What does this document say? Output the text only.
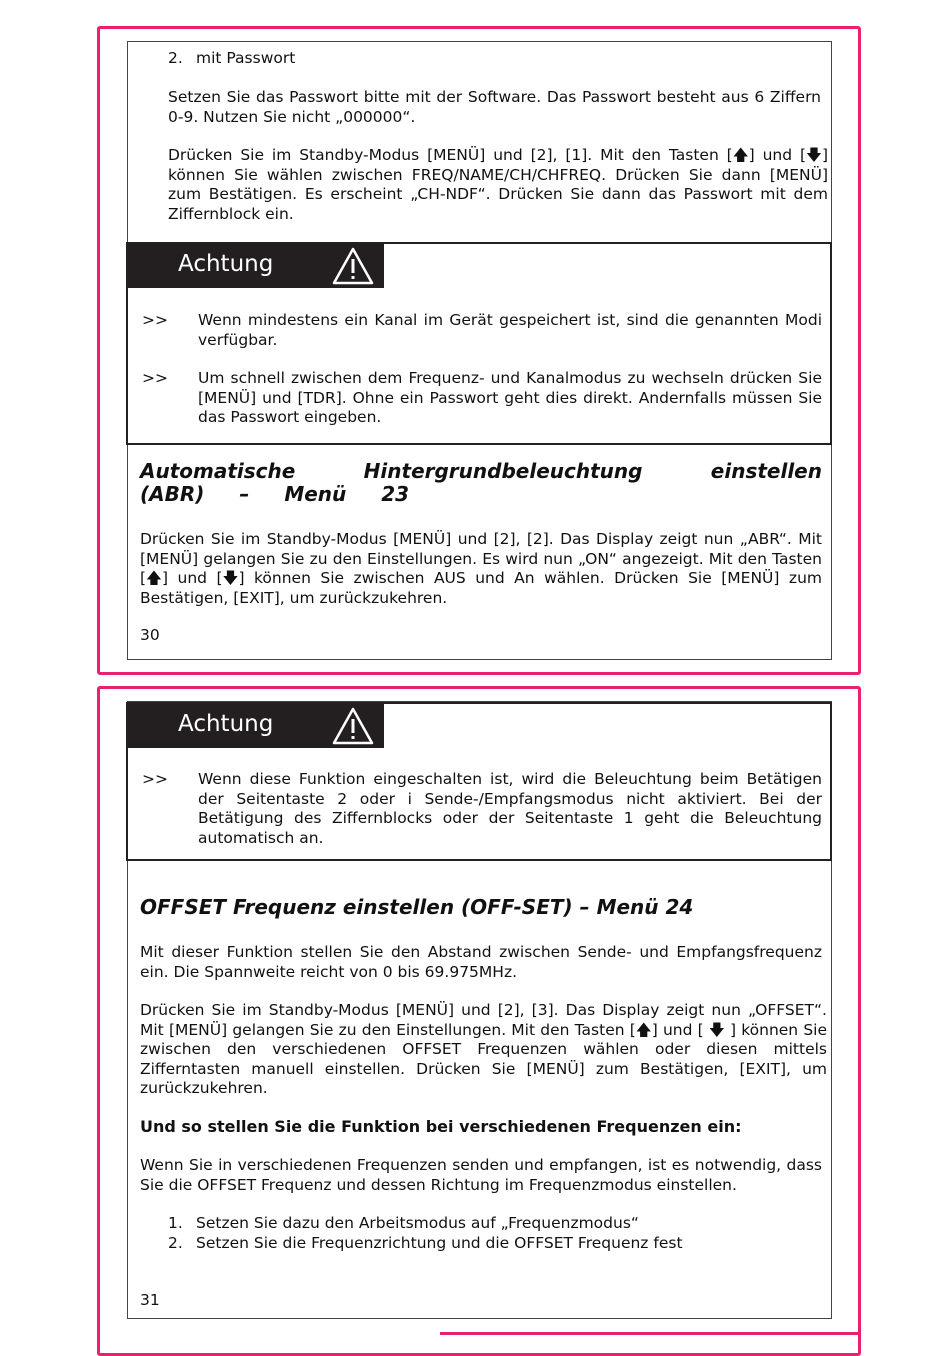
2. mit Passwort

Setzen Sie das Passwort bitte mit der Software. Das Passwort besteht aus 6 Ziffern 0-9. Nutzen Sie nicht „000000“.

Drücken Sie im Standby-Modus [MENÜ] und [2], [1]. Mit den Tasten [🡅] und [🡇] können Sie wählen zwischen FREQ/NAME/CH/CHFREQ. Drücken Sie dann [MENÜ] zum Bestätigen. Es erscheint „CH-NDF“. Drücken Sie dann das Passwort mit dem Ziffernblock ein.

Achtung
>>	Wenn mindestens ein Kanal im Gerät gespeichert ist, sind die genannten Modi verfügbar.
>>	Um schnell zwischen dem Frequenz- und Kanalmodus zu wechseln drücken Sie [MENÜ] und [TDR]. Ohne ein Passwort geht dies direkt. Andernfalls müssen Sie das Passwort eingeben.
Automatische Hintergrundbeleuchtung einstellen (ABR) – Menü 23

Drücken Sie im Standby-Modus [MENÜ] und [2], [2]. Das Display zeigt nun „ABR“. Mit [MENÜ] gelangen Sie zu den Einstellungen. Es wird nun „ON“ angezeigt. Mit den Tasten [🡅] und [🡇] können Sie zwischen AUS und An wählen. Drücken Sie [MENÜ] zum Bestätigen, [EXIT], um zurückzukehren.

30
Achtung
>>	Wenn diese Funktion eingeschalten ist, wird die Beleuchtung beim Betätigen der Seitentaste 2 oder i Sende-/Empfangsmodus nicht aktiviert. Bei der Betätigung des Ziffernblocks oder der Seitentaste 1 geht die Beleuchtung automatisch an.
OFFSET Frequenz einstellen (OFF-SET) – Menü 24

Mit dieser Funktion stellen Sie den Abstand zwischen Sende- und Empfangsfrequenz ein. Die Spannweite reicht von 0 bis 69.975MHz.

Drücken Sie im Standby-Modus [MENÜ] und [2], [3]. Das Display zeigt nun „OFFSET“. Mit [MENÜ] gelangen Sie zu den Einstellungen. Mit den Tasten [🡅] und [ 🡇 ] können Sie zwischen den verschiedenen OFFSET Frequenzen wählen oder diesen mittels Zifferntasten manuell einstellen. Drücken Sie [MENÜ] zum Bestätigen, [EXIT], um zurückzukehren.

Und so stellen Sie die Funktion bei verschiedenen Frequenzen ein:

Wenn Sie in verschiedenen Frequenzen senden und empfangen, ist es notwendig, dass Sie die OFFSET Frequenz und dessen Richtung im Frequenzmodus einstellen.

1. Setzen Sie dazu den Arbeitsmodus auf „Frequenzmodus“
2. Setzen Sie die Frequenzrichtung und die OFFSET Frequenz fest
31
